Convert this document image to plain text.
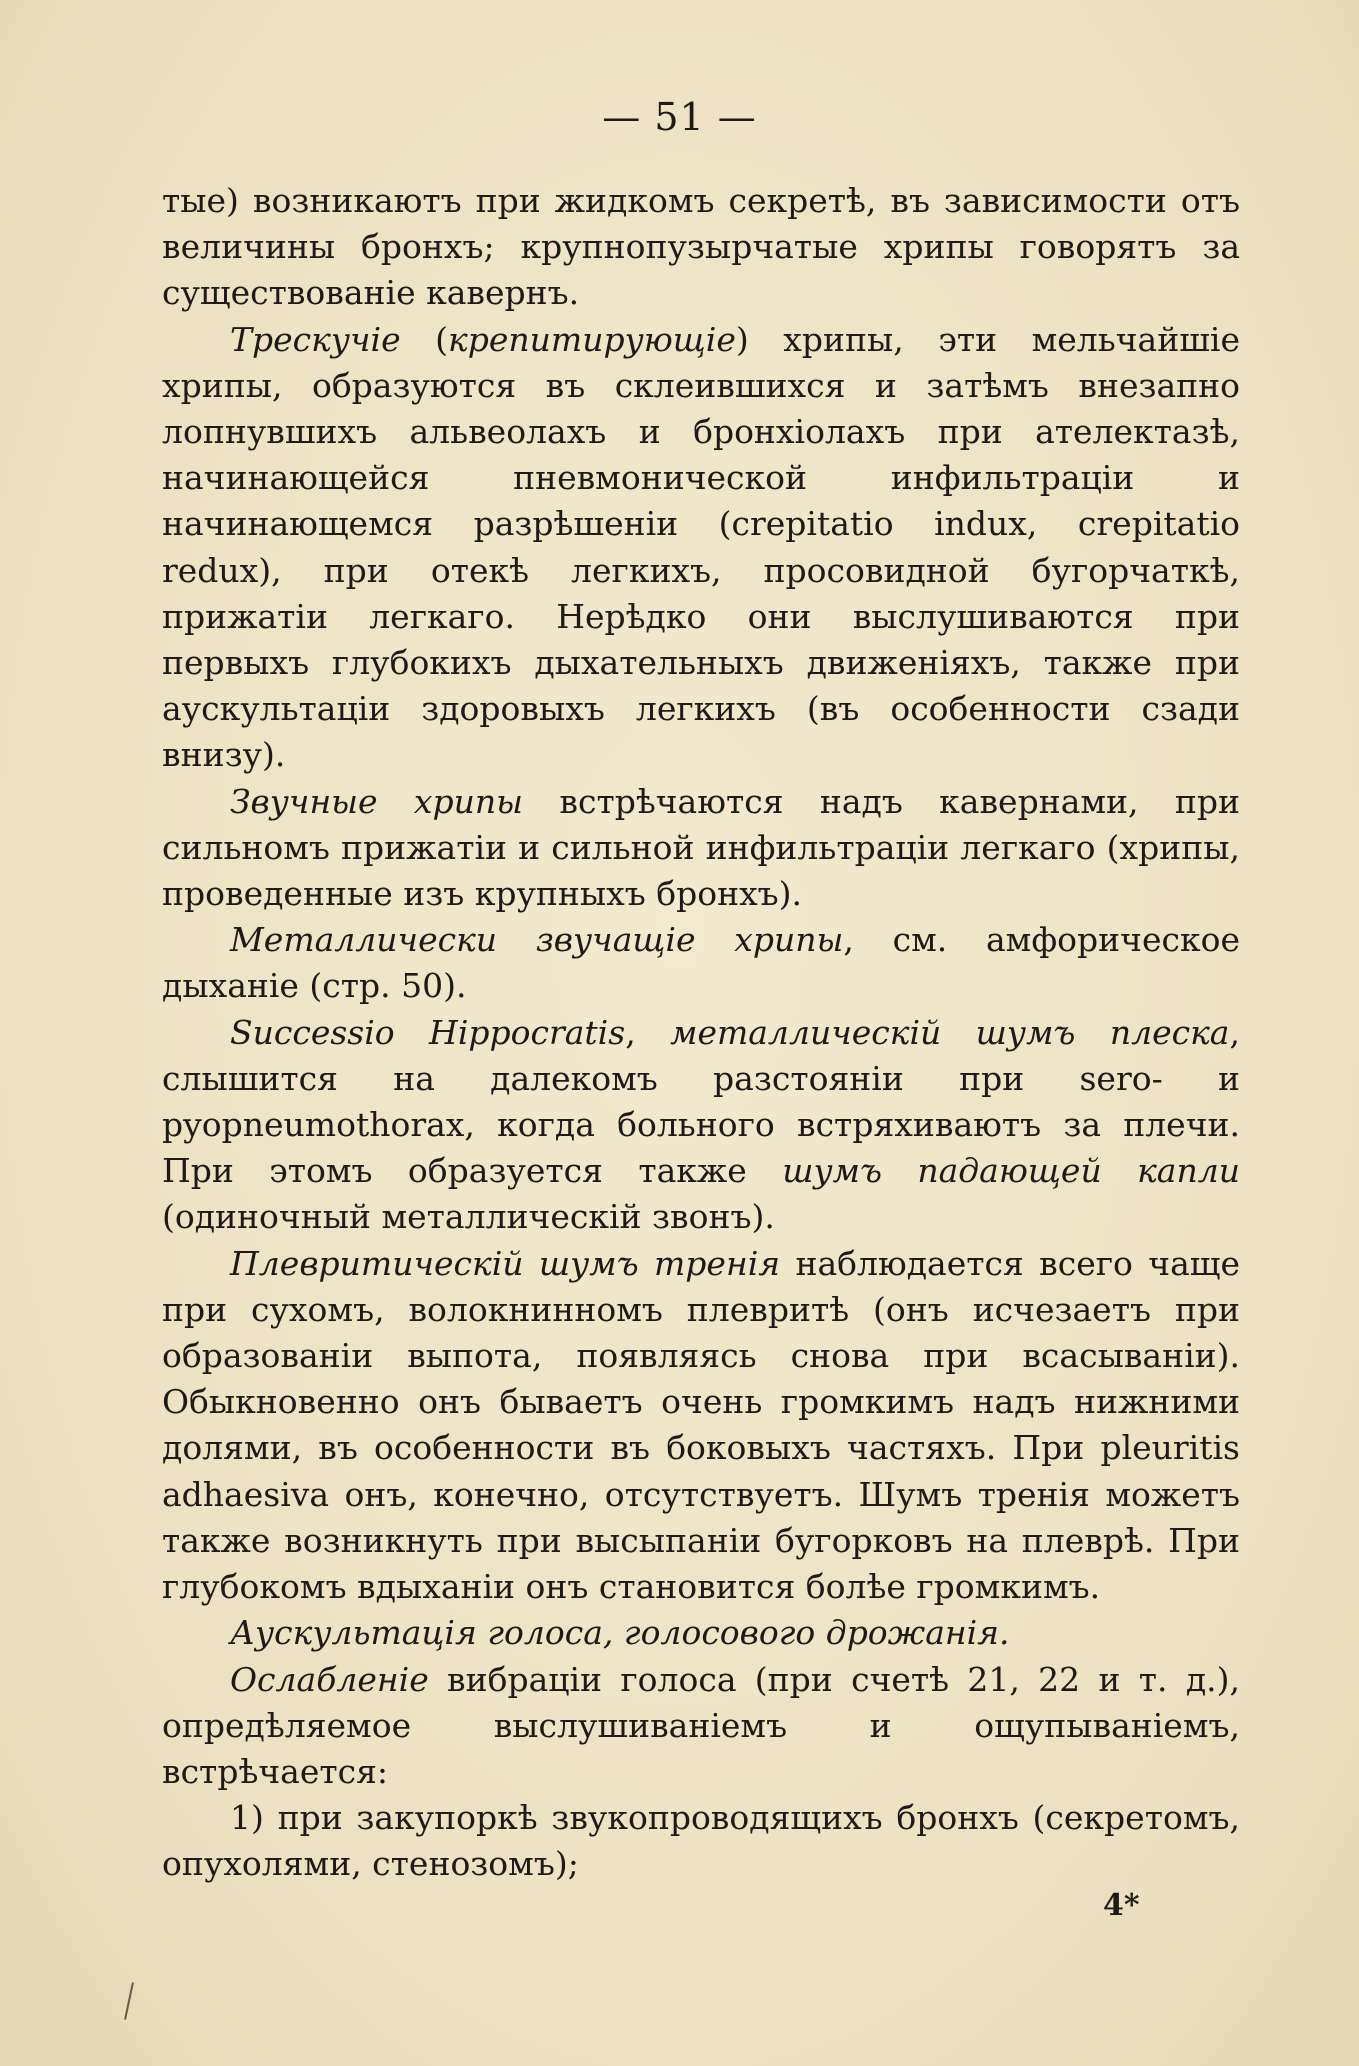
— 51 —

тые) возникаютъ при жидкомъ секретѣ, въ зависимости отъ величины бронхъ; крупнопузырчатые хрипы говорятъ за существованіе кавернъ.

Трескучіе (крепитирующіе) хрипы, эти мельчайшіе хрипы, образуются въ склеившихся и затѣмъ внезапно лопнувшихъ альвеолахъ и бронхіолахъ при ателектазѣ, начинающейся пневмонической инфильтраціи и начинающемся разрѣшеніи (crepitatio indux, crepitatio redux), при отекѣ легкихъ, просовидной бугорчаткѣ, прижатіи легкаго. Нерѣдко они выслушиваются при первыхъ глубокихъ дыхательныхъ движеніяхъ, также при аускультаціи здоровыхъ легкихъ (въ особенности сзади внизу).

Звучные хрипы встрѣчаются надъ кавернами, при сильномъ прижатіи и сильной инфильтраціи легкаго (хрипы, проведенные изъ крупныхъ бронхъ).

Металлически звучащіе хрипы, см. амфорическое дыханіе (стр. 50).

Successio Hippocratis, металлическій шумъ плеска, слышится на далекомъ разстояніи при sero- и pyopneumothorax, когда больного встряхиваютъ за плечи. При этомъ образуется также шумъ падающей капли (одиночный металлическій звонъ).

Плевритическій шумъ тренія наблюдается всего чаще при сухомъ, волокнинномъ плевритѣ (онъ исчезаетъ при образованіи выпота, появляясь снова при всасываніи). Обыкновенно онъ бываетъ очень громкимъ надъ нижними долями, въ особенности въ боковыхъ частяхъ. При pleuritis adhaesiva онъ, конечно, отсутствуетъ. Шумъ тренія можетъ также возникнуть при высыпаніи бугорковъ на плеврѣ. При глубокомъ вдыханіи онъ становится болѣе громкимъ.

Аускультація голоса, голосового дрожанія.

Ослабленіе вибраціи голоса (при счетѣ 21, 22 и т. д.), опредѣляемое выслушиваніемъ и ощупываніемъ, встрѣчается:

1) при закупоркѣ звукопроводящихъ бронхъ (секретомъ, опухолями, стенозомъ);

4*
